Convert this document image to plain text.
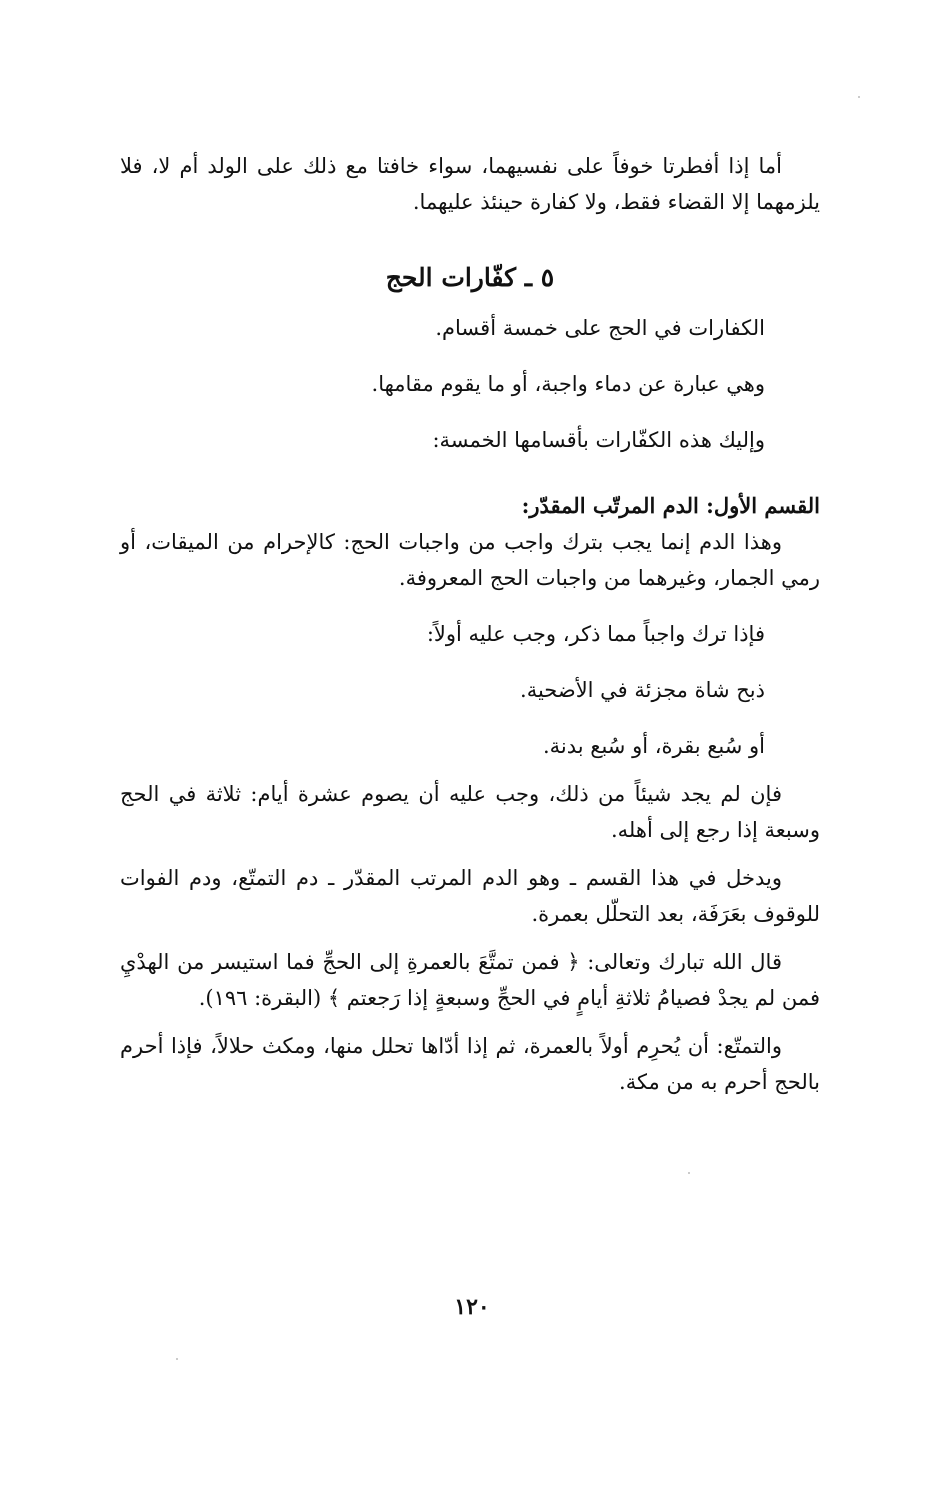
أما إذا أفطرتا خوفاً على نفسيهما، سواء خافتا مع ذلك على الولد أم لا، فلا يلزمهما إلا القضاء فقط، ولا كفارة حينئذ عليهما.

٥ ـ كفّارات الحج

الكفارات في الحج على خمسة أقسام.

وهي عبارة عن دماء واجبة، أو ما يقوم مقامها.

وإليك هذه الكفّارات بأقسامها الخمسة:

القسم الأول: الدم المرتّب المقدّر:

وهذا الدم إنما يجب بترك واجب من واجبات الحج: كالإحرام من الميقات، أو رمي الجمار، وغيرهما من واجبات الحج المعروفة.

فإذا ترك واجباً مما ذكر، وجب عليه أولاً:

ذبح شاة مجزئة في الأضحية.

أو سُبع بقرة، أو سُبع بدنة.

فإن لم يجد شيئاً من ذلك، وجب عليه أن يصوم عشرة أيام: ثلاثة في الحج وسبعة إذا رجع إلى أهله.

ويدخل في هذا القسم ـ وهو الدم المرتب المقدّر ـ دم التمتّع، ودم الفوات للوقوف بعَرَفَة، بعد التحلّل بعمرة.

قال الله تبارك وتعالى: ﴿ فمن تمتَّعَ بالعمرةِ إلى الحجِّ فما استيسر من الهدْيِ فمن لم يجدْ فصيامُ ثلاثةِ أيامٍ في الحجِّ وسبعةٍ إذا رَجعتم ﴾ (البقرة: ١٩٦).

والتمتّع: أن يُحرِم أولاً بالعمرة، ثم إذا أدّاها تحلل منها، ومكث حلالاً، فإذا أحرم بالحج أحرم به من مكة.

١٢٠
